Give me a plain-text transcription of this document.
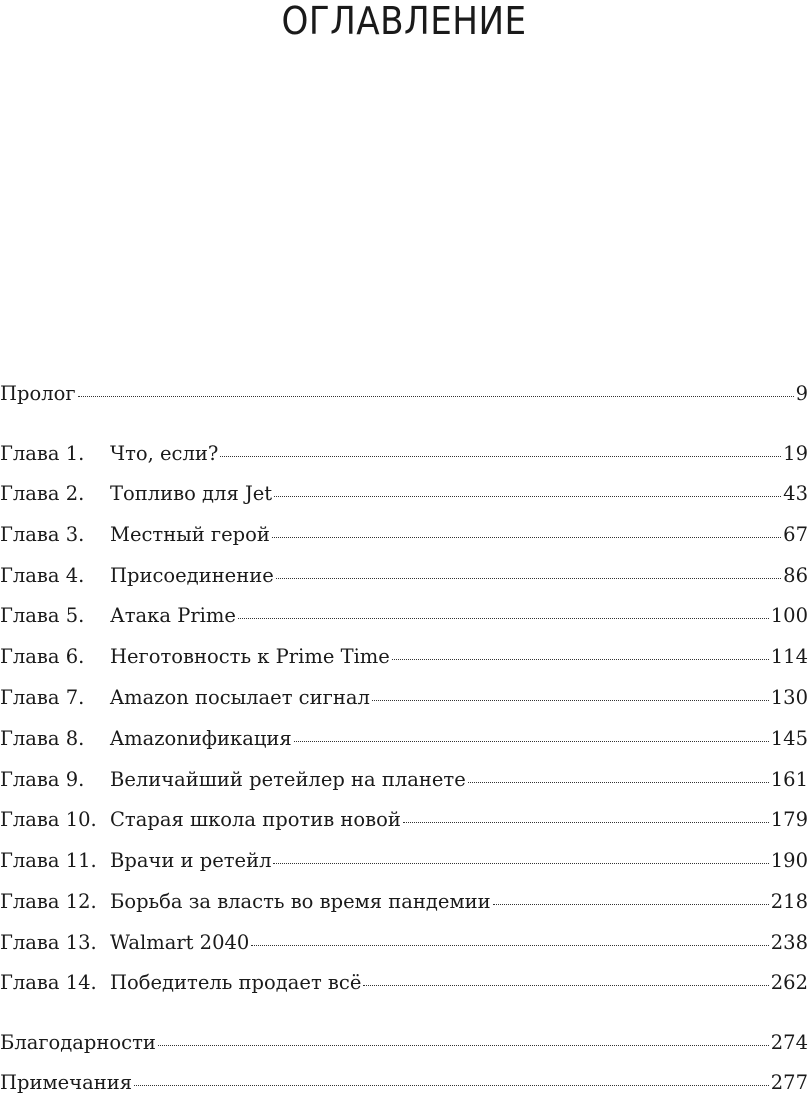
ОГЛАВЛЕНИЕ
Пролог	9
Глава 1.	Что, если?	19
Глава 2.	Топливо для Jet	43
Глава 3.	Местный герой	67
Глава 4.	Присоединение	86
Глава 5.	Атака Prime	100
Глава 6.	Неготовность к Prime Time	114
Глава 7.	Amazon посылает сигнал	130
Глава 8.	Amazonификация	145
Глава 9.	Величайший ретейлер на планете	161
Глава 10. Старая школа против новой	179
Глава 11. Врачи и ретейл	190
Глава 12. Борьба за власть во время пандемии	218
Глава 13. Walmart 2040	238
Глава 14. Победитель продает всё	262
Благодарности	274
Примечания	277
